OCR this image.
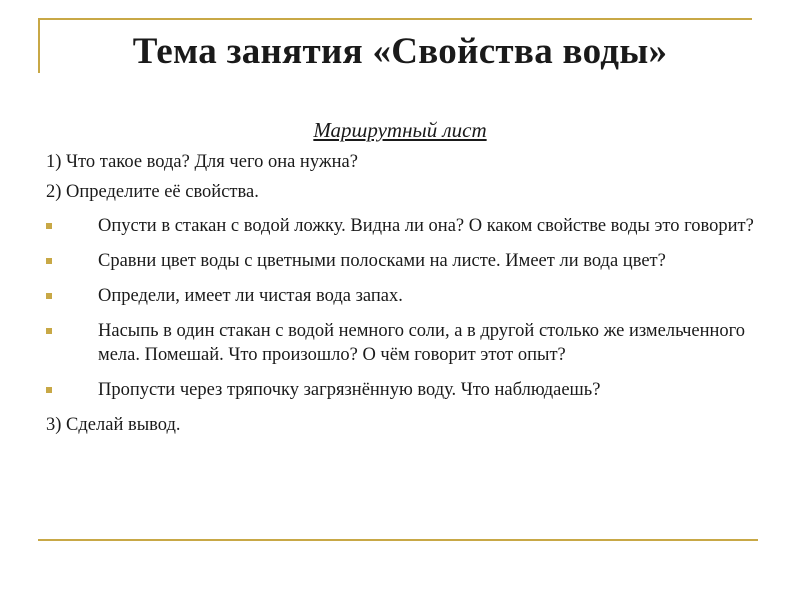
Тема занятия «Свойства воды»
Маршрутный лист
1) Что такое вода? Для чего она нужна?
2) Определите её свойства.
Опусти в стакан с водой ложку. Видна ли она? О каком свойстве воды это говорит?
Сравни цвет воды с цветными полосками на листе. Имеет ли вода цвет?
Определи, имеет ли чистая вода запах.
Насыпь в один стакан с водой немного соли, а в другой столько же измельченного мела. Помешай. Что произошло? О чём говорит этот опыт?
Пропусти через тряпочку загрязнённую воду. Что наблюдаешь?
3) Сделай вывод.
